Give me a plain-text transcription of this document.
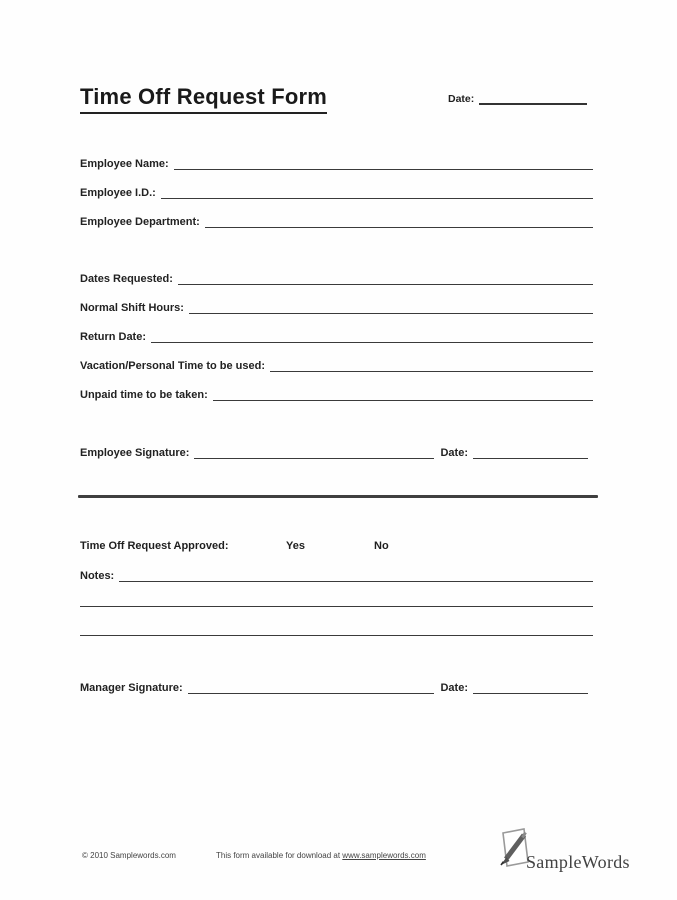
Time Off Request Form	Date:
Employee Name:
Employee I.D.:
Employee Department:
Dates Requested:
Normal Shift Hours:
Return Date:
Vacation/Personal Time to be used:
Unpaid time to be taken:
Employee Signature:	Date:
Time Off Request Approved:	Yes	No
Notes:
Manager Signature:	Date:
© 2010 Samplewords.com	This form available for download at www.samplewords.com	SampleWords
